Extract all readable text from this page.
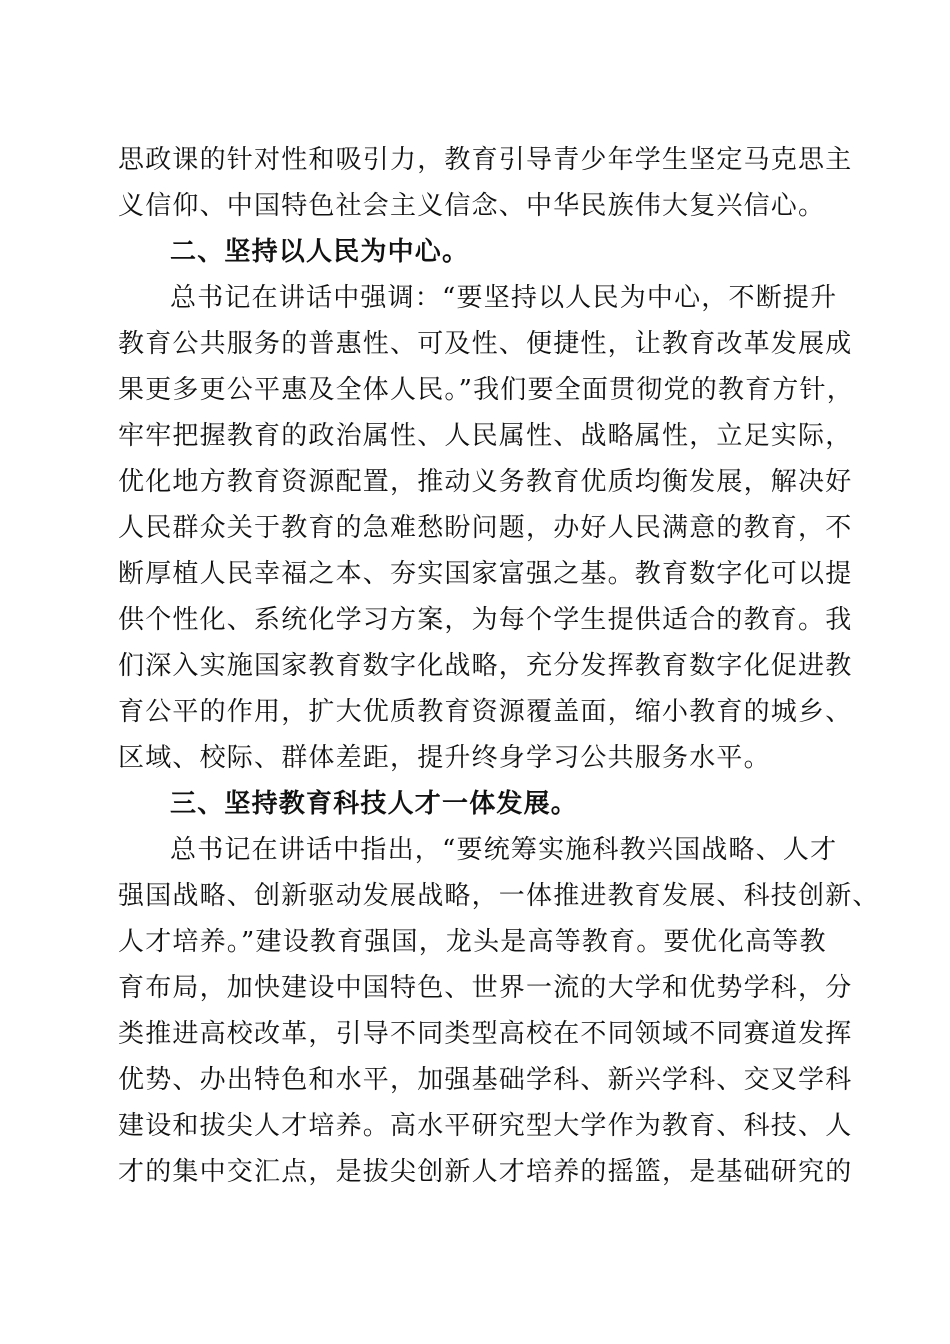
思政课的针对性和吸引力，教育引导青少年学生坚定马克思主
义信仰、中国特色社会主义信念、中华民族伟大复兴信心。
二、坚持以人民为中心。
总书记在讲话中强调：“要坚持以人民为中心，不断提升
教育公共服务的普惠性、可及性、便捷性，让教育改革发展成
果更多更公平惠及全体人民。”我们要全面贯彻党的教育方针，
牢牢把握教育的政治属性、人民属性、战略属性，立足实际，
优化地方教育资源配置，推动义务教育优质均衡发展，解决好
人民群众关于教育的急难愁盼问题，办好人民满意的教育，不
断厚植人民幸福之本、夯实国家富强之基。教育数字化可以提
供个性化、系统化学习方案，为每个学生提供适合的教育。我
们深入实施国家教育数字化战略，充分发挥教育数字化促进教
育公平的作用，扩大优质教育资源覆盖面，缩小教育的城乡、
区域、校际、群体差距，提升终身学习公共服务水平。
三、坚持教育科技人才一体发展。
总书记在讲话中指出，“要统筹实施科教兴国战略、人才
强国战略、创新驱动发展战略，一体推进教育发展、科技创新、
人才培养。”建设教育强国，龙头是高等教育。要优化高等教
育布局，加快建设中国特色、世界一流的大学和优势学科，分
类推进高校改革，引导不同类型高校在不同领域不同赛道发挥
优势、办出特色和水平，加强基础学科、新兴学科、交叉学科
建设和拔尖人才培养。高水平研究型大学作为教育、科技、人
才的集中交汇点，是拔尖创新人才培养的摇篮，是基础研究的
